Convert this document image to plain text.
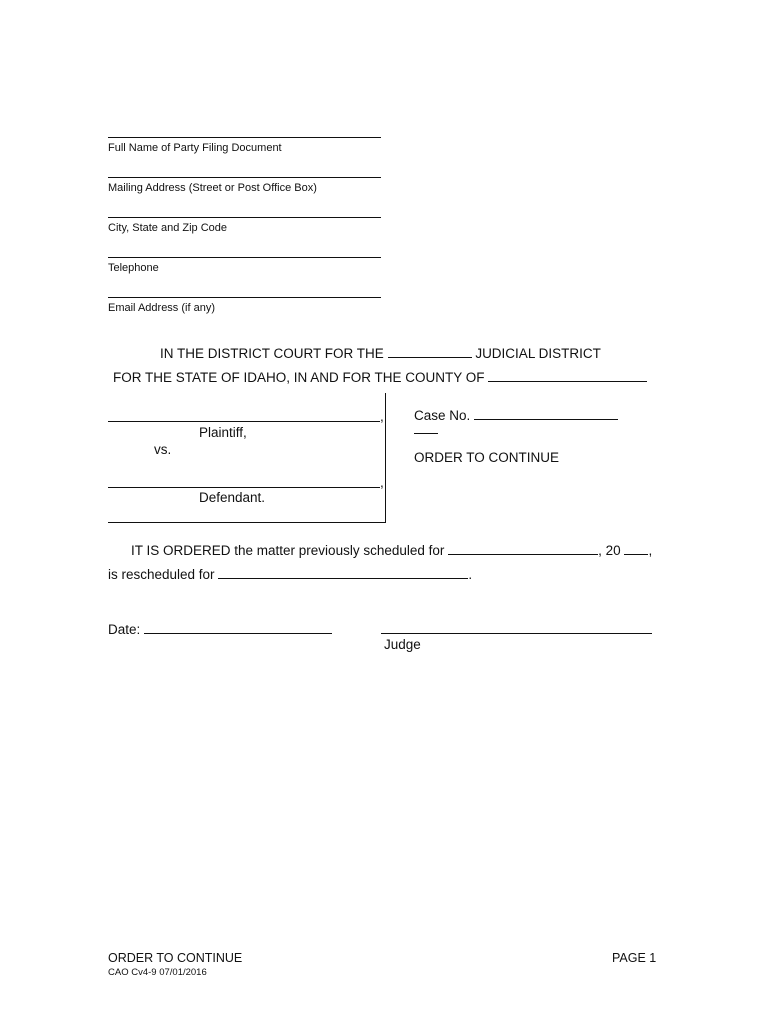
Full Name of Party Filing Document
Mailing Address (Street or Post Office Box)
City, State and Zip Code
Telephone
Email Address (if any)
IN THE DISTRICT COURT FOR THE	JUDICIAL DISTRICT
FOR THE STATE OF IDAHO, IN AND FOR THE COUNTY OF
,
Plaintiff,
vs.
,
Defendant.
Case No.
ORDER TO CONTINUE
IT IS ORDERED the matter previously scheduled for	, 20 ,
is rescheduled for	.
Date:
Judge
ORDER TO CONTINUE
CAO Cv4-9 07/01/2016
PAGE 1
